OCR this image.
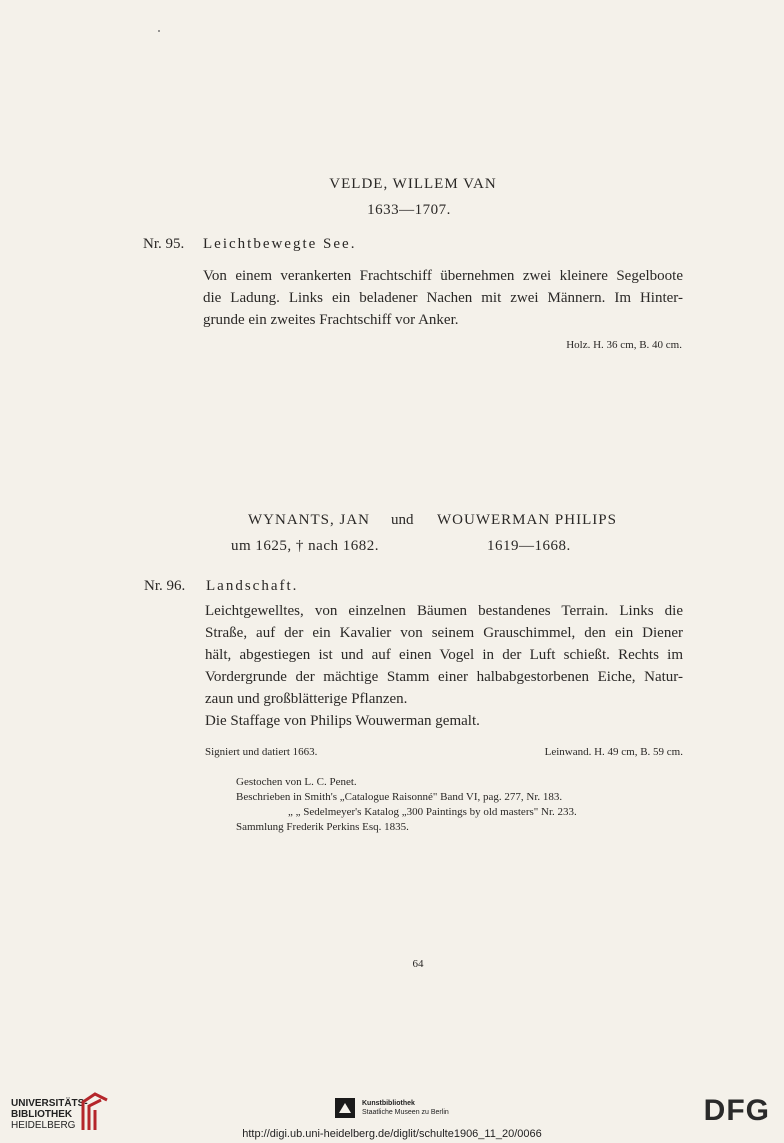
VELDE, WILLEM VAN
1633—1707.
Nr. 95. Leichtbewegte See.
Von einem verankerten Frachtschiff übernehmen zwei kleinere Segelboote
die Ladung. Links ein beladener Nachen mit zwei Männern. Im Hinter-
grunde ein zweites Frachtschiff vor Anker.
Holz. H. 36 cm, B. 40 cm.
WYNANTS, JAN und WOUWERMAN PHILIPS
um 1625, † nach 1682.	1619—1668.
Nr. 96. Landschaft.
Leichtgewelltes, von einzelnen Bäumen bestandenes Terrain. Links die
Straße, auf der ein Kavalier von seinem Grauschimmel, den ein Diener
hält, abgestiegen ist und auf einen Vogel in der Luft schießt. Rechts im
Vordergrunde der mächtige Stamm einer halbabgestorbenen Eiche, Natur-
zaun und großblätterige Pflanzen.
Die Staffage von Philips Wouwerman gemalt.
Signiert und datiert 1663.	Leinwand. H. 49 cm, B. 59 cm.
Gestochen von L. C. Penet.
Beschrieben in Smith's „Catalogue Raisonné" Band VI, pag. 277, Nr. 183.
„ „ Sedelmeyer's Katalog „300 Paintings by old masters" Nr. 233.
Sammlung Frederik Perkins Esq. 1835.
64
UNIVERSITÄTS-
BIBLIOTHEK
HEIDELBERG
Kunstbibliothek
Staatliche Museen zu Berlin	DFG
http://digi.ub.uni-heidelberg.de/diglit/schulte1906_11_20/0066
